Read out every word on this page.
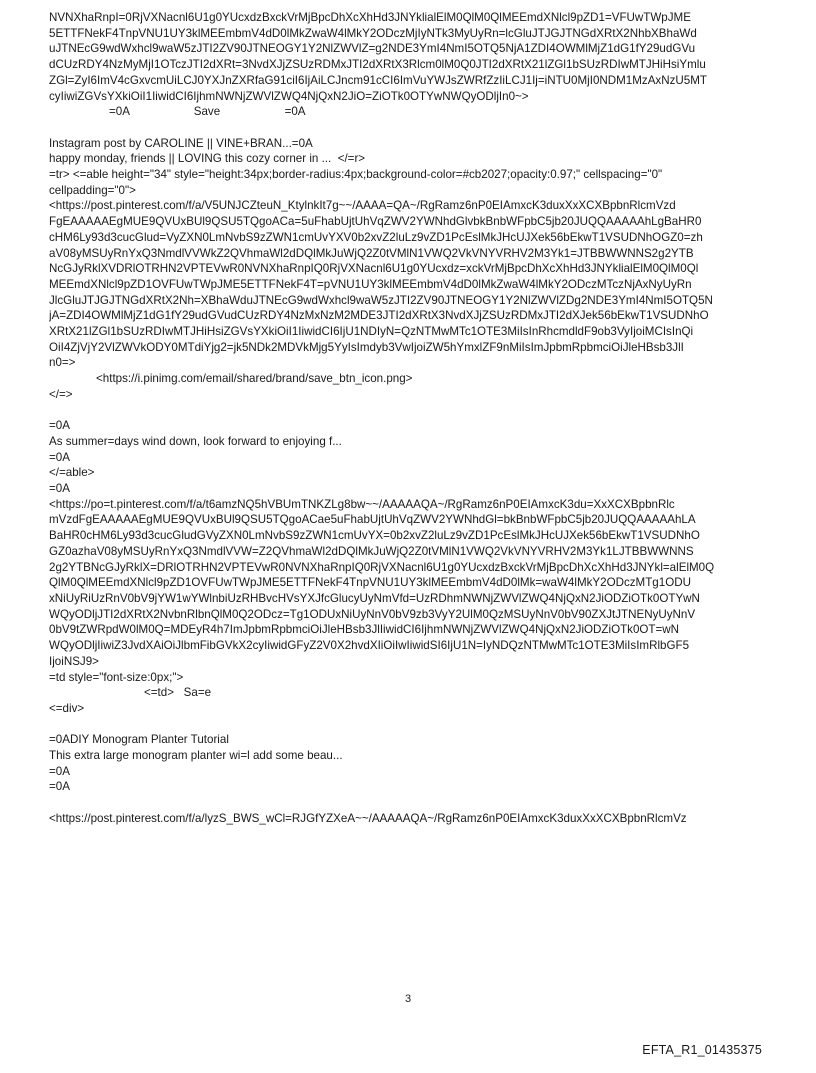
NVNXhaRnpI=0RjVXNacnl6U1g0YUcxdzBxckVrMjBpcDhXcXhHd3JNYklialElM0QlM0QlMEEmdXNlcl9pZD1=VFUwTWpJME
5ETTFNekF4TnpVNU1UY3klMEEmbmV4dD0lMkZwaW4lMkY2ODczMjIyNTk3MyUyRn=lcGluJTJGJTNGdXRtX2NhbXBhaWd
uJTNEcG9wdWxhcl9waW5zJTI2ZV90JTNEOGY1Y2NlZWVlZ=g2NDE3YmI4NmI5OTQ5NjA1ZDI4OWMlMjZ1dG1fY29udGVu
dCUzRDY4NzMyMjI1OTczJTI2dXRt=3NvdXJjZSUzRDMxJTI2dXRtX3Rlcm0lM0Q0JTI2dXRtX21lZGl1bSUzRDIwMTJHiHsiYmlu
ZGl=ZyI6ImV4cGxvcmUiLCJ0YXJnZXRfaG91ciI6IjAiLCJncm91cCI6ImVuYWJsZWRfZzIiLCJ1Ij=iNTU0MjI0NDM1MzAxNzU5MT
cyIiwiZGVsYXkiOiI1IiwidCI6IjhmNWNjZWVlZWQ4NjQxN2JiO=ZiOTk0OTYwNWQyODljIn0~>
=0A                    Save                    =0A
Instagram post by CAROLINE || VINE+BRAN...=0A
happy monday, friends || LOVING this cozy corner in ...  </=r>
=tr> <=able height="34" style="height:34px;border-radius:4px;background-color=#cb2027;opacity:0.97;" cellspacing="0"
cellpadding="0">
<https://post.pinterest.com/f/a/V5UNJCZteuN_KtylnkIt7g~~/AAAA=QA~/RgRamz6nP0EIAmxcK3duxXxXCXBpbnRlcmVzd
FgEAAAAAEgMUE9QVUxBUl9QSU5TQgoACa=5uFhabUjtUhVqZWV2YWNhdGlvbkBnbWFpbC5jb20JUQQAAAAAhLgBaHR0
cHM6Ly93d3cucGlud=VyZXN0LmNvbS9zZWN1cmUvYXV0b2xvZ2luLz9vZD1PcEslMkJHcUJXek56bEkwT1VSUDNhOGZ0=zh
aV08yMSUyRnYxQ3NmdlVVWkZ2QVhmaWl2dDQlMkJuWjQ2Z0tVMlN1VWQ2VkVNYVRHV2M3Yk1=JTBBWWNNS2g2YTB
NcGJyRklXVDRlOTRHN2VPTEVwR0NVNXhaRnpIQ0RjVXNacnl6U1g0YUcxdz=xckVrMjBpcDhXcXhHd3JNYklialElM0QlM0Ql
MEEmdXNlcl9pZD1OVFUwTWpJME5ETTFNekF4T=pVNU1UY3klMEEmbmV4dD0lMkZwaW4lMkY2ODczMTczNjAxNyUyRn
JlcGluJTJGJTNGdXRtX2Nh=XBhaWduJTNEcG9wdWxhcl9waW5zJTI2ZV90JTNEOGY1Y2NlZWVlZDg2NDE3YmI4NmI5OTQ5N
jA=ZDI4OWMlMjZ1dG1fY29udGVudCUzRDY4NzMxNzM2MDE3JTI2dXRtX3NvdXJjZSUzRDMxJTI2dXJek56bEkwT1VSUDNhO
XRtX21lZGl1bSUzRDIwMTJHiHsiZGVsYXkiOiI1IiwidCI6IjU1NDIyN=QzNTMwMTc1OTE3MiIsInRhcmdldF9ob3VyIjoiMCIsInQi
OiI4ZjVjY2VlZWVkODY0MTdiYjg2=jk5NDk2MDVkMjg5YyIsImdyb3VwIjoiZW5hYmxlZF9nMiIsImJpbmRpbmciOiJleHBsb3JlI
n0=>
<https://i.pinimg.com/email/shared/brand/save_btn_icon.png>
</=>
=0A
As summer=days wind down, look forward to enjoying f...
=0A
</=able>
=0A
<https://po=t.pinterest.com/f/a/t6amzNQ5hVBUmTNKZLg8bw~~/AAAAAQA~/RgRamz6nP0EIAmxcK3du=XxXCXBpbnRlc
mVzdFgEAAAAAEgMUE9QVUxBUl9QSU5TQgoACae5uFhabUjtUhVqZWV2YWNhdGl=bkBnbWFpbC5jb20JUQQAAAAAhLA
BaHR0cHM6Ly93d3cucGludGVyZXN0LmNvbS9zZWN1cmUvYX=0b2xvZ2luLz9vZD1PcEslMkJHcUJXek56bEkwT1VSUDNhO
GZ0azhaV08yMSUyRnYxQ3NmdlVVW=Z2QVhmaWl2dDQlMkJuWjQ2Z0tVMlN1VWQ2VkVNYVRHV2M3Yk1LJTBBWWNNS
2g2YTBNcGJyRklX=DRlOTRHN2VPTEVwR0NVNXhaRnpIQ0RjVXNacnl6U1g0YUcxdzBxckVrMjBpcDhXcXhHd3JNYkl=alElM0Q
QlM0QlMEEmdXNlcl9pZD1OVFUwTWpJME5ETTFNekF4TnpVNU1UY3klMEEmbmV4dD0lMk=waW4lMkY2ODczMTg1ODU
xNiUyRiUzRnV0bV9jYW1wYWlnbiUzRHBvcHVsYXJfcGlucyUyNmVfd=UzRDhmNWNjZWVlZWQ4NjQxN2JiODZiOTk0OTYwN
WQyODljJTI2dXRtX2NvbnRlbnQlM0Q2ODcz=Tg1ODUxNiUyNnV0bV9zb3VyY2UlM0QzMSUyNnV0bV90ZXJtJTNENyUyNnV
0bV9tZWRpdW0lM0Q=MDEyR4h7ImJpbmRpbmciOiJleHBsb3JlIiwidCI6IjhmNWNjZWVlZWQ4NjQxN2JiODZiOTk0OT=wN
WQyODljIiwiZ3JvdXAiOiJlbmFibGVkX2cyIiwidGFyZ2V0X2hvdXIiOiIwIiwidSI6IjU1N=IyNDQzNTMwMTc1OTE3MiIsImRlbGF5
IjoiNSJ9>
=td style="font-size:0px;">
<=td>   Sa=e
<=div>
=0ADIY Monogram Planter Tutorial
This extra large monogram planter wi=l add some beau...
=0A
=0A
<https://post.pinterest.com/f/a/lyzS_BWS_wCl=RJGfYZXeA~~/AAAAAQA~/RgRamz6nP0EIAmxcK3duxXxXCXBpbnRlcmVz
3
EFTA_R1_01435375
